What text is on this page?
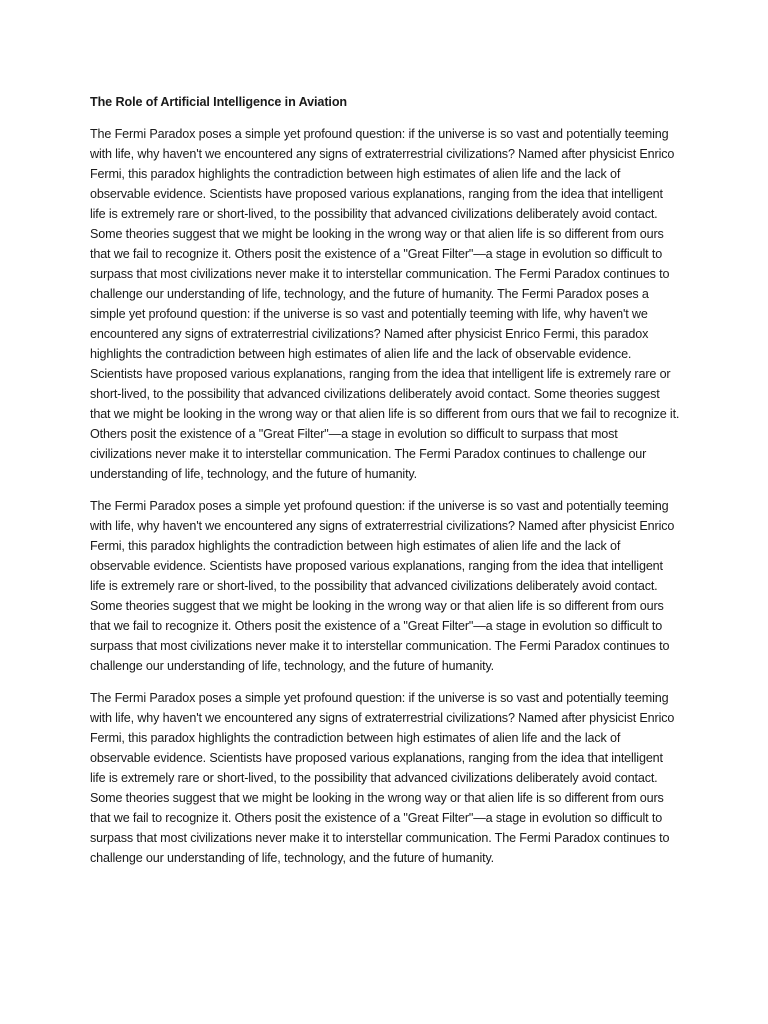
The Role of Artificial Intelligence in Aviation

The Fermi Paradox poses a simple yet profound question: if the universe is so vast and potentially teeming with life, why haven't we encountered any signs of extraterrestrial civilizations? Named after physicist Enrico Fermi, this paradox highlights the contradiction between high estimates of alien life and the lack of observable evidence. Scientists have proposed various explanations, ranging from the idea that intelligent life is extremely rare or short-lived, to the possibility that advanced civilizations deliberately avoid contact. Some theories suggest that we might be looking in the wrong way or that alien life is so different from ours that we fail to recognize it. Others posit the existence of a "Great Filter"—a stage in evolution so difficult to surpass that most civilizations never make it to interstellar communication. The Fermi Paradox continues to challenge our understanding of life, technology, and the future of humanity. The Fermi Paradox poses a simple yet profound question: if the universe is so vast and potentially teeming with life, why haven't we encountered any signs of extraterrestrial civilizations? Named after physicist Enrico Fermi, this paradox highlights the contradiction between high estimates of alien life and the lack of observable evidence. Scientists have proposed various explanations, ranging from the idea that intelligent life is extremely rare or short-lived, to the possibility that advanced civilizations deliberately avoid contact. Some theories suggest that we might be looking in the wrong way or that alien life is so different from ours that we fail to recognize it. Others posit the existence of a "Great Filter"—a stage in evolution so difficult to surpass that most civilizations never make it to interstellar communication. The Fermi Paradox continues to challenge our understanding of life, technology, and the future of humanity.

The Fermi Paradox poses a simple yet profound question: if the universe is so vast and potentially teeming with life, why haven't we encountered any signs of extraterrestrial civilizations? Named after physicist Enrico Fermi, this paradox highlights the contradiction between high estimates of alien life and the lack of observable evidence. Scientists have proposed various explanations, ranging from the idea that intelligent life is extremely rare or short-lived, to the possibility that advanced civilizations deliberately avoid contact. Some theories suggest that we might be looking in the wrong way or that alien life is so different from ours that we fail to recognize it. Others posit the existence of a "Great Filter"—a stage in evolution so difficult to surpass that most civilizations never make it to interstellar communication. The Fermi Paradox continues to challenge our understanding of life, technology, and the future of humanity.

The Fermi Paradox poses a simple yet profound question: if the universe is so vast and potentially teeming with life, why haven't we encountered any signs of extraterrestrial civilizations? Named after physicist Enrico Fermi, this paradox highlights the contradiction between high estimates of alien life and the lack of observable evidence. Scientists have proposed various explanations, ranging from the idea that intelligent life is extremely rare or short-lived, to the possibility that advanced civilizations deliberately avoid contact. Some theories suggest that we might be looking in the wrong way or that alien life is so different from ours that we fail to recognize it. Others posit the existence of a "Great Filter"—a stage in evolution so difficult to surpass that most civilizations never make it to interstellar communication. The Fermi Paradox continues to challenge our understanding of life, technology, and the future of humanity.
